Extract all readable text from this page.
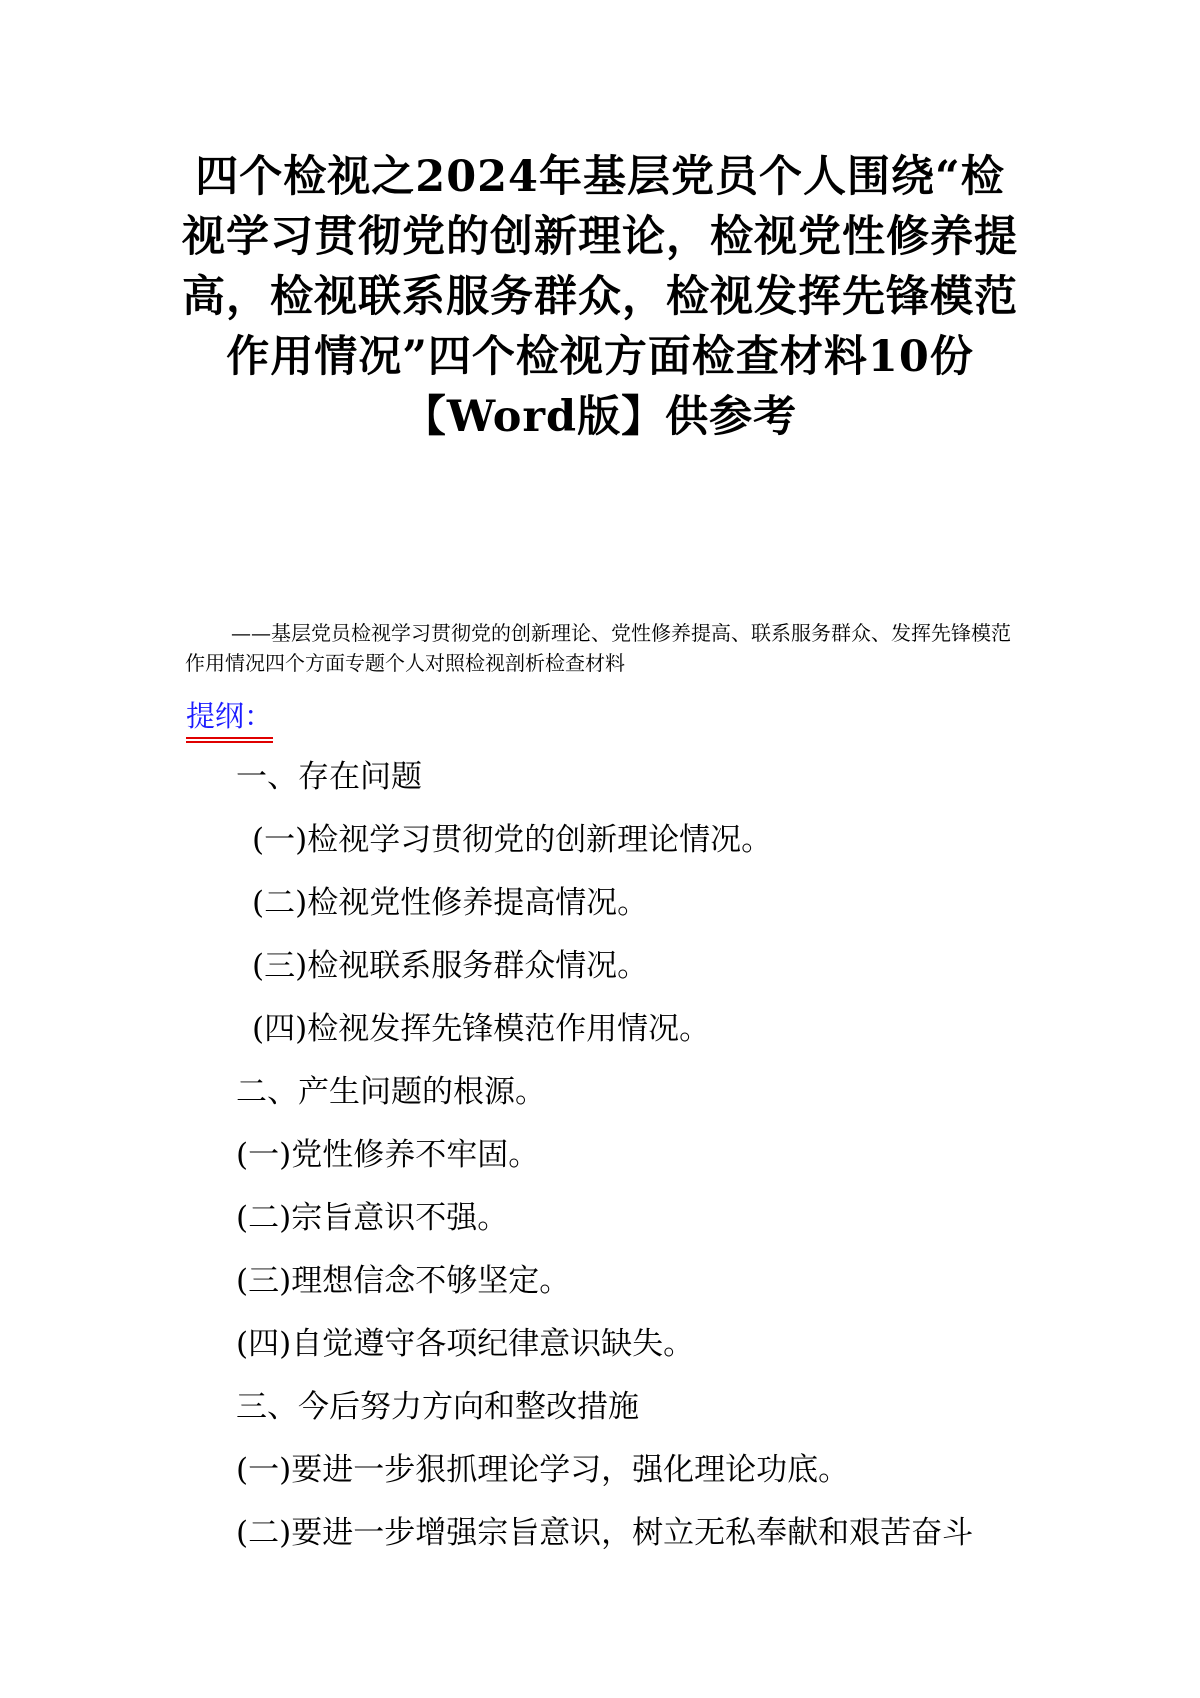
四个检视之2024年基层党员个人围绕“检视学习贯彻党的创新理论，检视党性修养提高，检视联系服务群众，检视发挥先锋模范作用情况”四个检视方面检查材料10份【Word版】供参考
——基层党员检视学习贯彻党的创新理论、党性修养提高、联系服务群众、发挥先锋模范作用情况四个方面专题个人对照检视剖析检查材料
提纲：
一、存在问题
(一)检视学习贯彻党的创新理论情况。
(二)检视党性修养提高情况。
(三)检视联系服务群众情况。
(四)检视发挥先锋模范作用情况。
二、产生问题的根源。
(一)党性修养不牢固。
(二)宗旨意识不强。
(三)理想信念不够坚定。
(四)自觉遵守各项纪律意识缺失。
三、今后努力方向和整改措施
(一)要进一步狠抓理论学习，强化理论功底。
(二)要进一步增强宗旨意识，树立无私奉献和艰苦奋斗
